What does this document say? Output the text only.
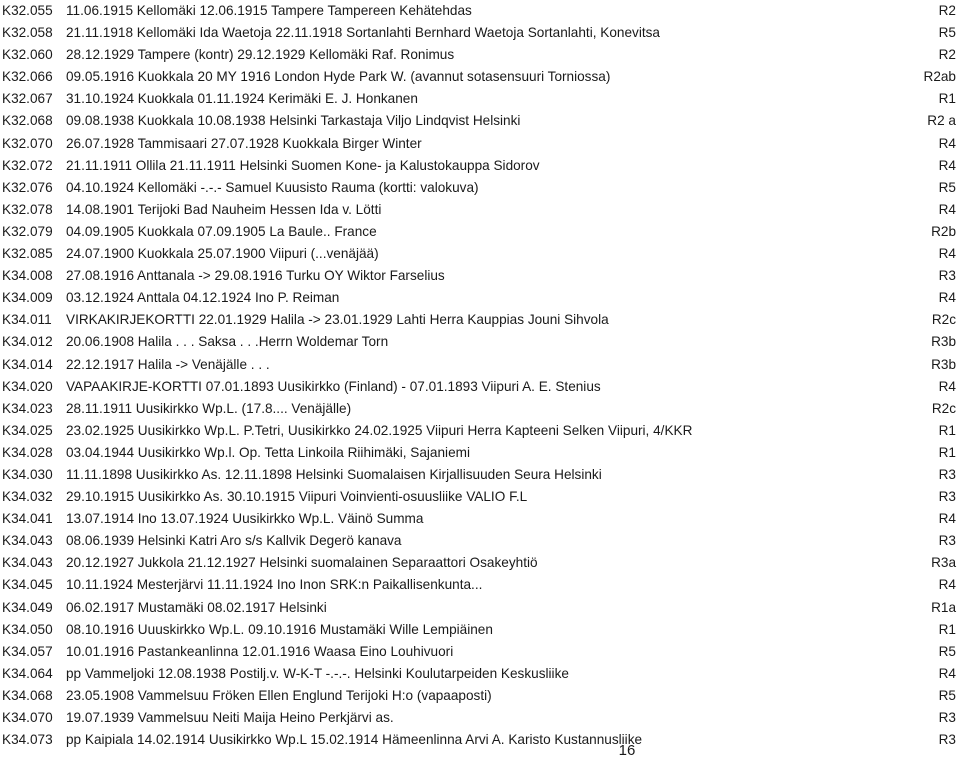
K32.055 11.06.1915 Kellomäki 12.06.1915 Tampere Tampereen Kehätehdas	R2
K32.058 21.11.1918 Kellomäki Ida Waetoja 22.11.1918 Sortanlahti Bernhard Waetoja Sortanlahti, Konevitsa	R5
K32.060 28.12.1929 Tampere (kontr) 29.12.1929 Kellomäki Raf. Ronimus	R2
K32.066 09.05.1916 Kuokkala 20 MY 1916 London Hyde Park W. (avannut sotasensuuri Torniossa)	R2ab
K32.067 31.10.1924 Kuokkala 01.11.1924 Kerimäki E. J. Honkanen	R1
K32.068 09.08.1938 Kuokkala 10.08.1938 Helsinki Tarkastaja Viljo Lindqvist Helsinki	R2 a
K32.070 26.07.1928 Tammisaari 27.07.1928 Kuokkala Birger Winter	R4
K32.072 21.11.1911 Ollila 21.11.1911 Helsinki Suomen Kone- ja Kalustokauppa Sidorov	R4
K32.076 04.10.1924 Kellomäki -.-.- Samuel Kuusisto Rauma (kortti: valokuva)	R5
K32.078 14.08.1901 Terijoki Bad Nauheim Hessen Ida v. Lötti	R4
K32.079 04.09.1905 Kuokkala 07.09.1905 La Baule.. France	R2b
K32.085 24.07.1900 Kuokkala 25.07.1900 Viipuri (...venäjää)	R4
K34.008 27.08.1916 Anttanala -> 29.08.1916 Turku OY Wiktor Farselius	R3
K34.009 03.12.1924 Anttala 04.12.1924 Ino P. Reiman	R4
K34.011 VIRKAKIRJEKORTTI 22.01.1929 Halila -> 23.01.1929 Lahti Herra Kauppias Jouni Sihvola	R2c
K34.012 20.06.1908 Halila . . . Saksa . . .Herrn Woldemar Torn	R3b
K34.014 22.12.1917 Halila -> Venäjälle . . .	R3b
K34.020 VAPAAKIRJE-KORTTI 07.01.1893 Uusikirkko (Finland) - 07.01.1893 Viipuri A. E. Stenius	R4
K34.023 28.11.1911 Uusikirkko Wp.L. (17.8.... Venäjälle)	R2c
K34.025 23.02.1925 Uusikirkko Wp.L. P.Tetri, Uusikirkko 24.02.1925 Viipuri Herra Kapteeni Selken Viipuri, 4/KKR	R1
K34.028 03.04.1944 Uusikirkko Wp.l. Op. Tetta Linkoila Riihimäki, Sajaniemi	R1
K34.030 11.11.1898 Uusikirkko As. 12.11.1898 Helsinki Suomalaisen Kirjallisuuden Seura Helsinki	R3
K34.032 29.10.1915 Uusikirkko As. 30.10.1915 Viipuri Voinvienti-osuusliike VALIO F.L	R3
K34.041 13.07.1914 Ino 13.07.1924 Uusikirkko Wp.L. Väinö Summa	R4
K34.043 08.06.1939 Helsinki Katri Aro s/s Kallvik Degerö kanava	R3
K34.043 20.12.1927 Jukkola 21.12.1927 Helsinki suomalainen Separaattori Osakeyhtiö	R3a
K34.045 10.11.1924 Mesterjärvi 11.11.1924 Ino Inon SRK:n Paikallisenkunta...	R4
K34.049 06.02.1917 Mustamäki 08.02.1917 Helsinki	R1a
K34.050 08.10.1916 Uuuskirkko Wp.L. 09.10.1916 Mustamäki Wille Lempiäinen	R1
K34.057 10.01.1916 Pastankeanlinna 12.01.1916 Waasa Eino Louhivuori	R5
K34.064 pp Vammeljoki 12.08.1938 Postilj.v. W-K-T -.-.-. Helsinki Koulutarpeiden Keskusliike	R4
K34.068 23.05.1908 Vammelsuu Fröken Ellen Englund Terijoki H:o (vapaaposti)	R5
K34.070 19.07.1939 Vammelsuu Neiti Maija Heino Perkjärvi as.	R3
K34.073 pp Kaipiala 14.02.1914 Uusikirkko Wp.L 15.02.1914 Hämeenlinna Arvi A. Karisto Kustannusliike	R3
16
